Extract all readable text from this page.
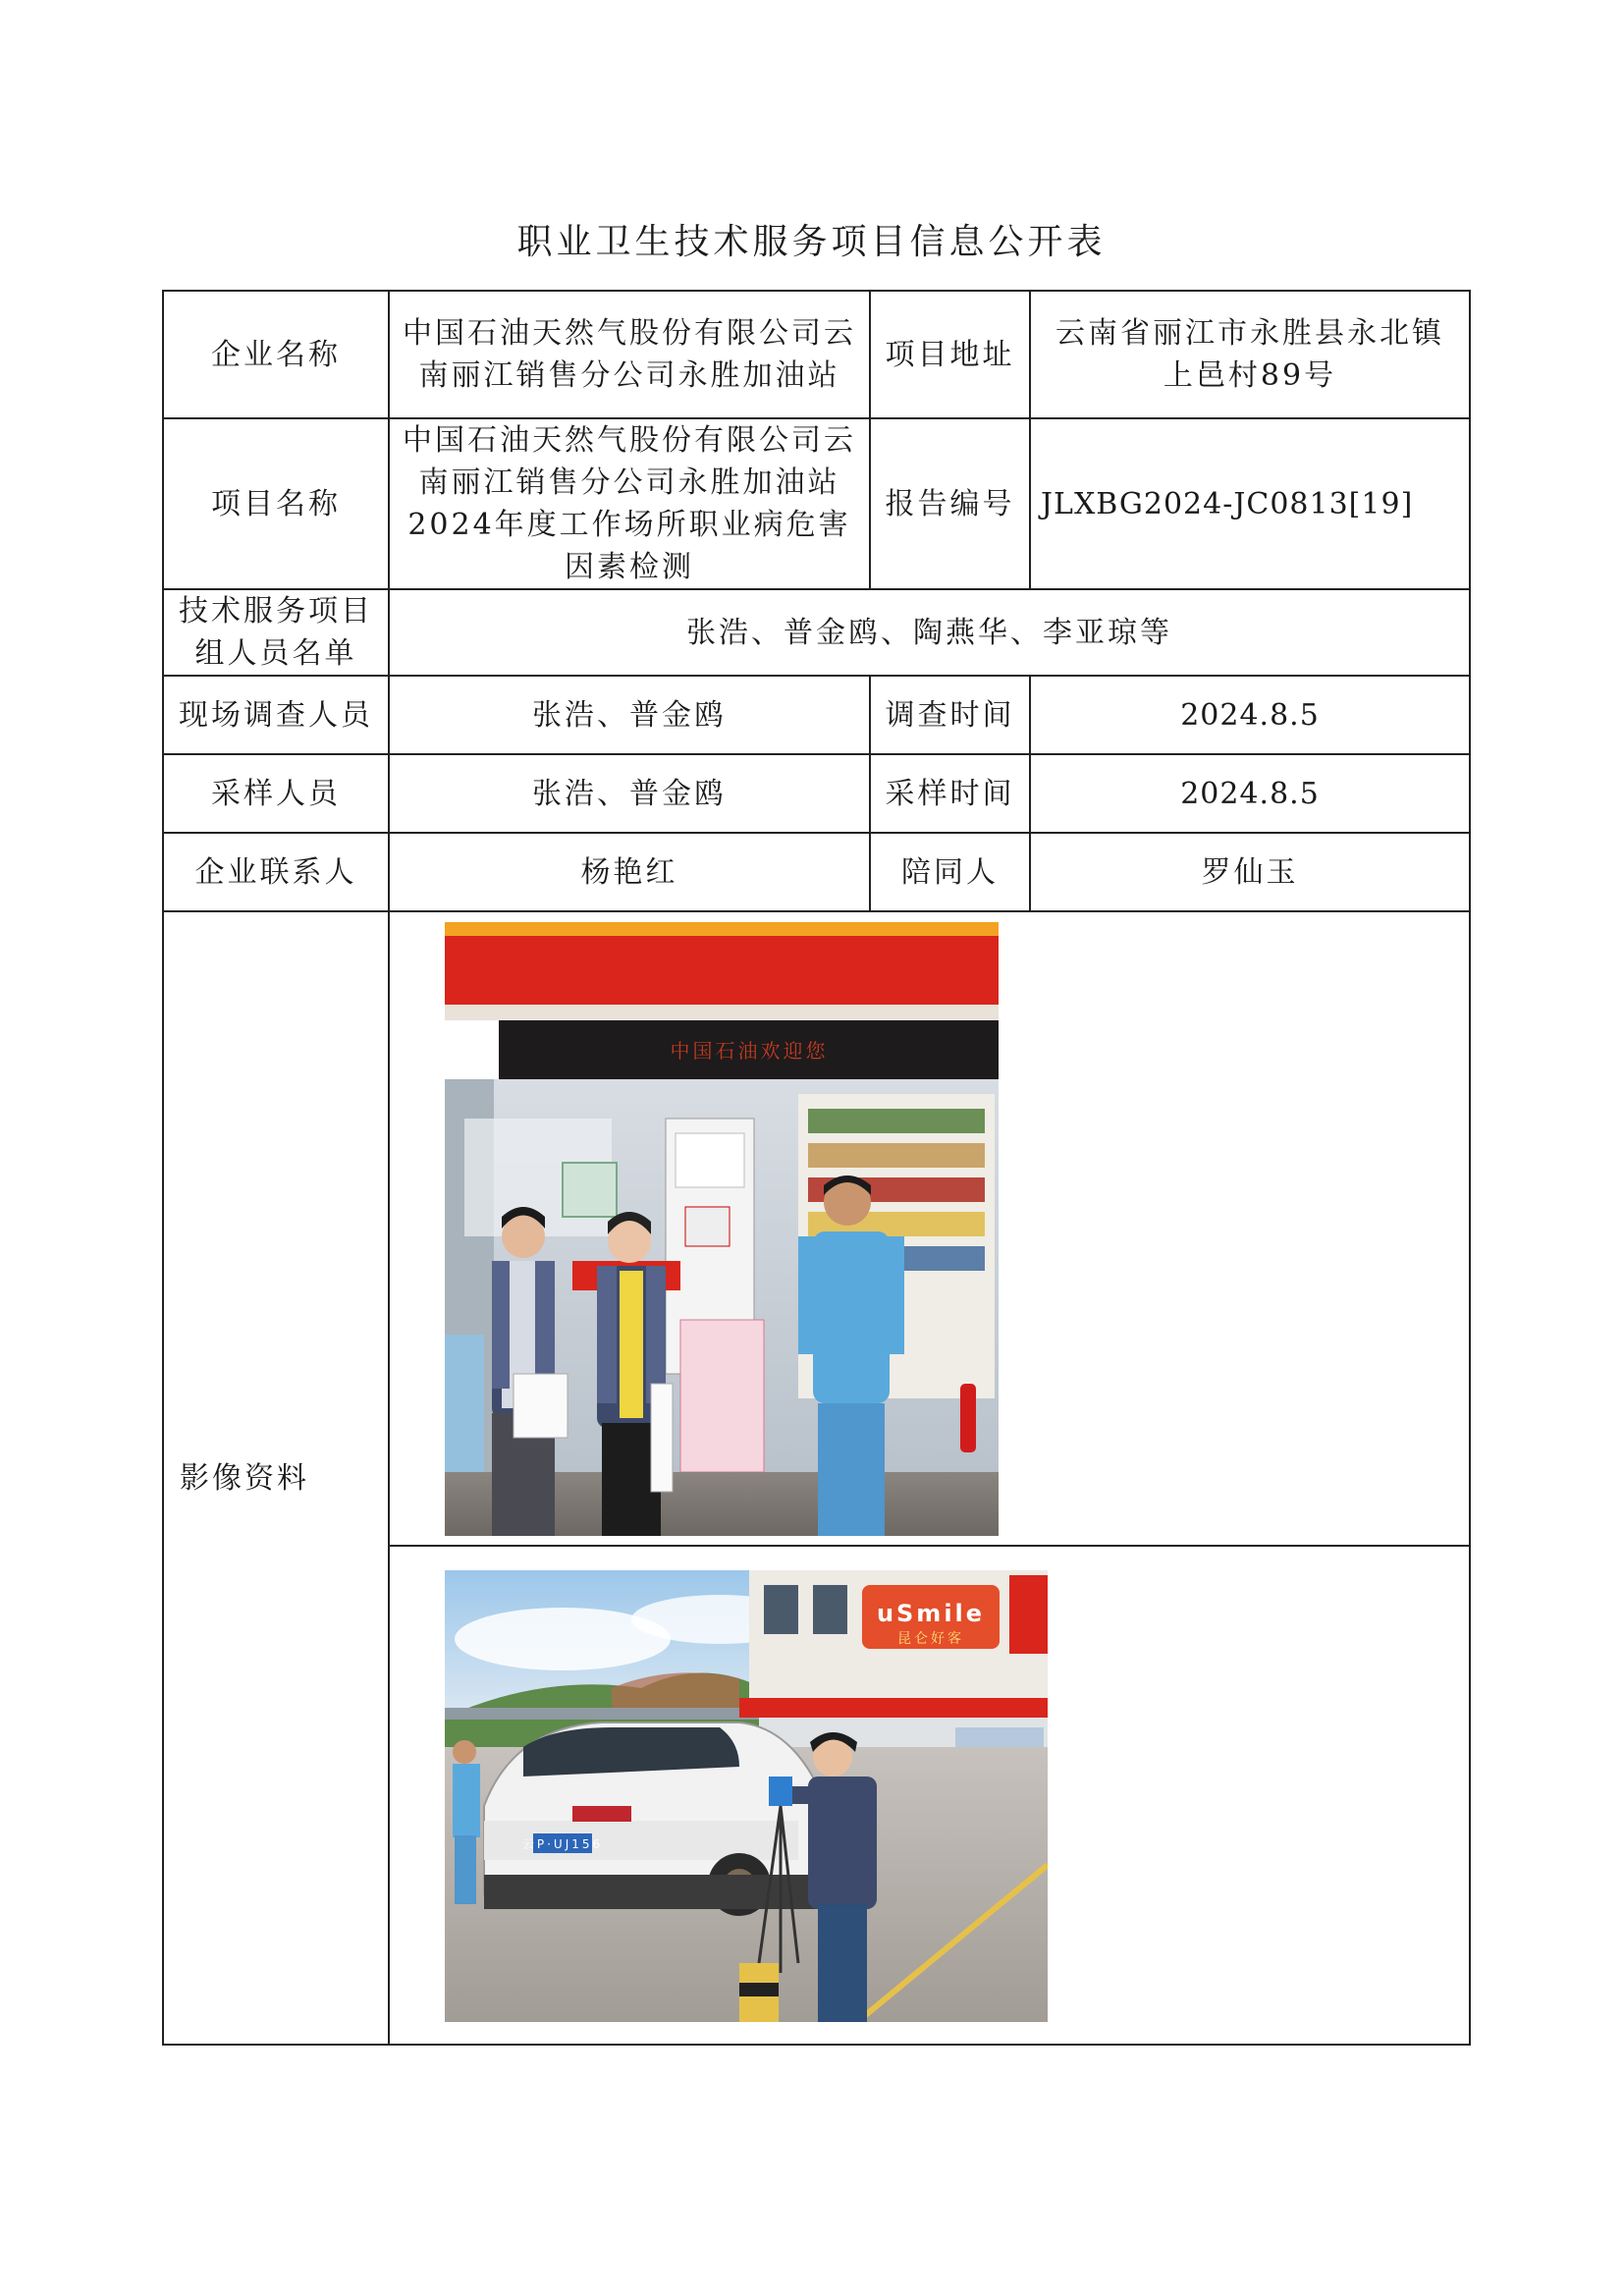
职业卫生技术服务项目信息公开表
企业名称	中国石油天然气股份有限公司云南丽江销售分公司永胜加油站	项目地址	云南省丽江市永胜县永北镇上邑村89号
项目名称	中国石油天然气股份有限公司云南丽江销售分公司永胜加油站2024年度工作场所职业病危害因素检测	报告编号	JLXBG2024-JC0813[19]
技术服务项目组人员名单	张浩、普金鸥、陶燕华、李亚琼等		
现场调查人员	张浩、普金鸥	调查时间	2024.8.5
采样人员	张浩、普金鸥	采样时间	2024.8.5
企业联系人	杨艳红	陪同人	罗仙玉
影像资料	中国石油欢迎您		

uSmile
昆仑好客
云P·UJ156		
